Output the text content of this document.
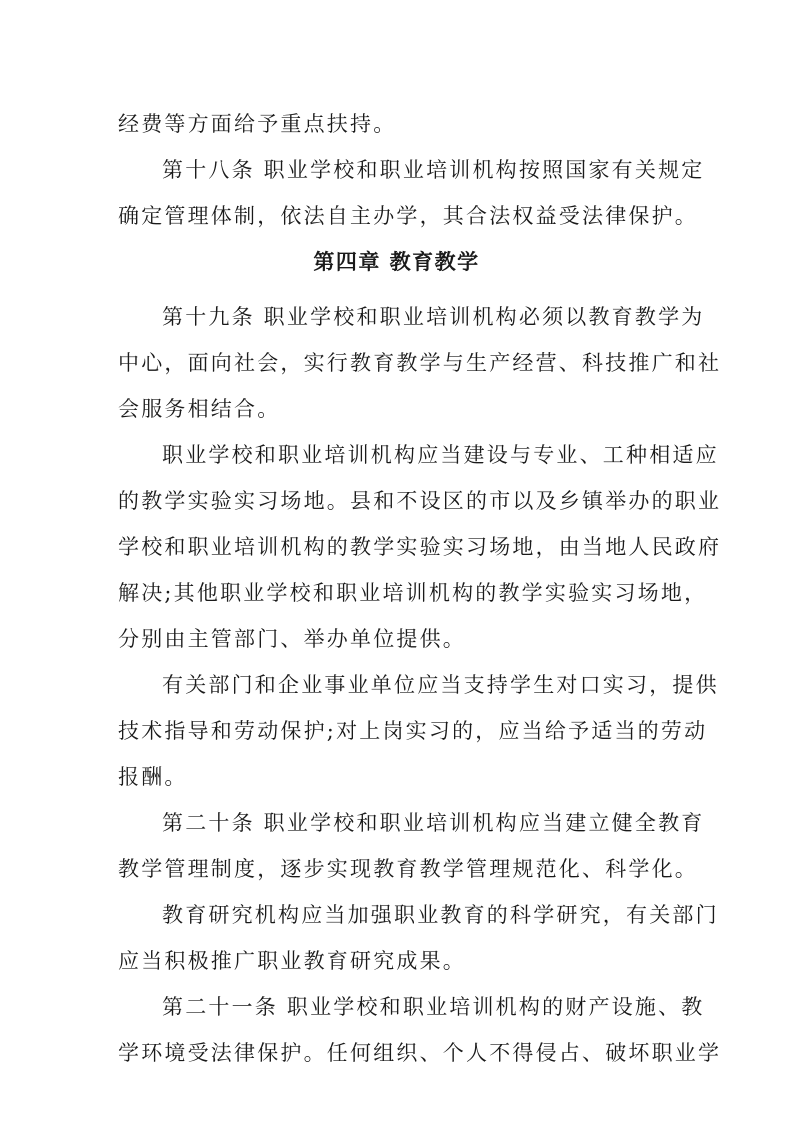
经费等方面给予重点扶持。
第十八条 职业学校和职业培训机构按照国家有关规定
确定管理体制，依法自主办学，其合法权益受法律保护。
第四章 教育教学
第十九条 职业学校和职业培训机构必须以教育教学为
中心，面向社会，实行教育教学与生产经营、科技推广和社
会服务相结合。
职业学校和职业培训机构应当建设与专业、工种相适应
的教学实验实习场地。县和不设区的市以及乡镇举办的职业
学校和职业培训机构的教学实验实习场地，由当地人民政府
解决;其他职业学校和职业培训机构的教学实验实习场地，
分别由主管部门、举办单位提供。
有关部门和企业事业单位应当支持学生对口实习，提供
技术指导和劳动保护;对上岗实习的，应当给予适当的劳动
报酬。
第二十条 职业学校和职业培训机构应当建立健全教育
教学管理制度，逐步实现教育教学管理规范化、科学化。
教育研究机构应当加强职业教育的科学研究，有关部门
应当积极推广职业教育研究成果。
第二十一条 职业学校和职业培训机构的财产设施、教
学环境受法律保护。任何组织、个人不得侵占、破坏职业学
